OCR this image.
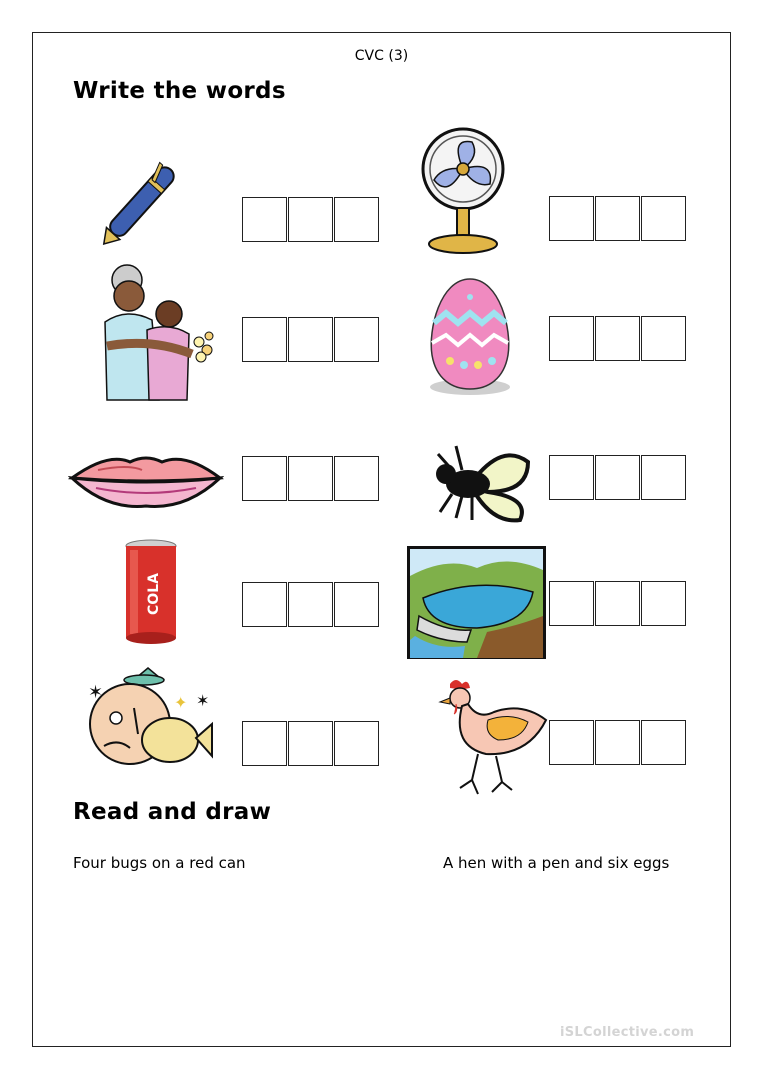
CVC (3)
Write the words
COLA
✶	✶
✦
Read and draw
Four bugs on a red can	A hen with a pen and six eggs
iSLCollective.com
